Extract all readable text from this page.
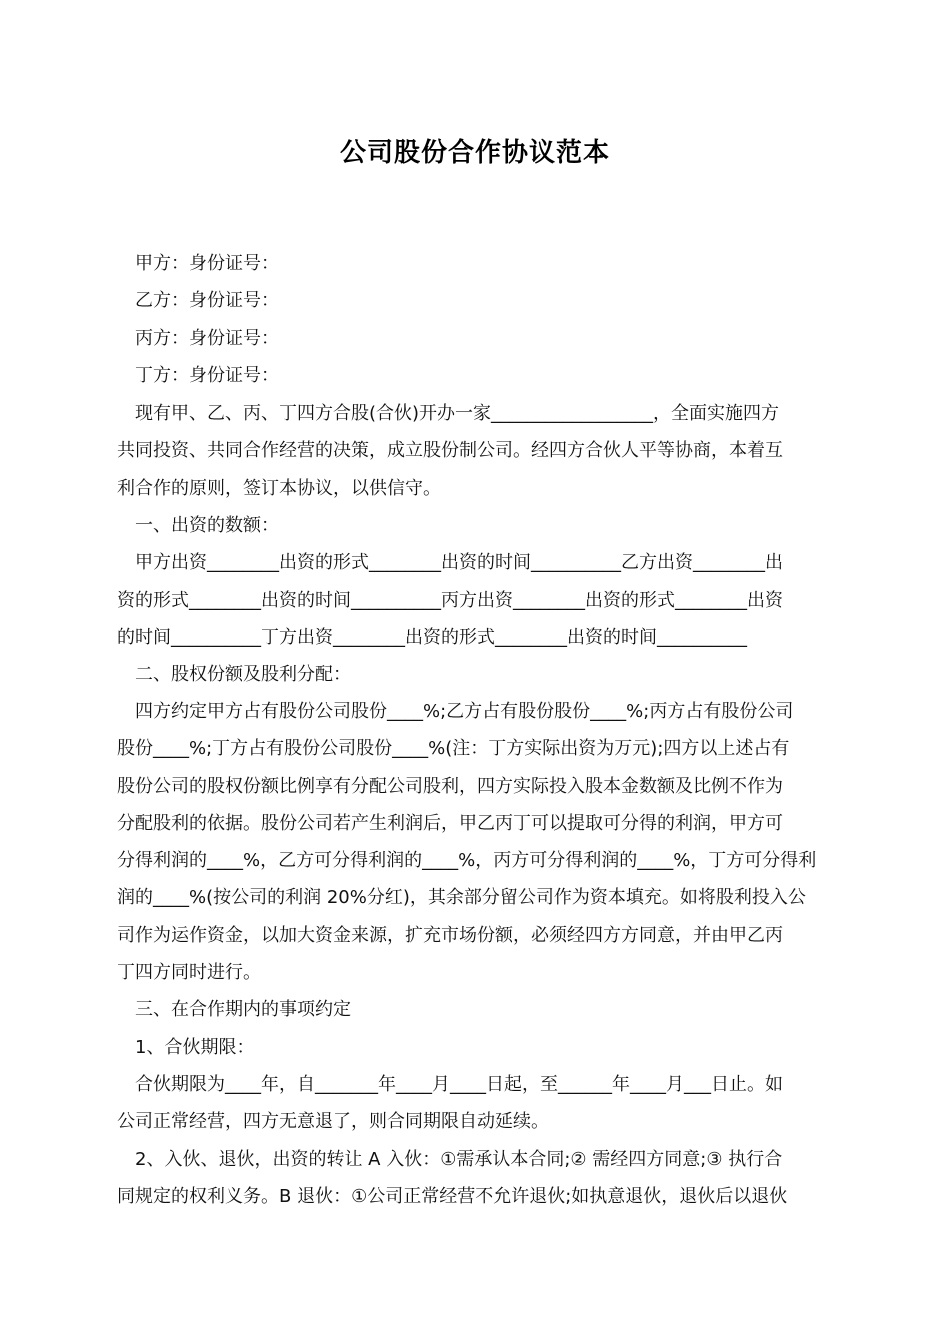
公司股份合作协议范本
甲方：身份证号：
乙方：身份证号：
丙方：身份证号：
丁方：身份证号：
现有甲、乙、丙、丁四方合股(合伙)开办一家__________________，全面实施四方
共同投资、共同合作经营的决策，成立股份制公司。经四方合伙人平等协商，本着互
利合作的原则，签订本协议，以供信守。
一、出资的数额：
甲方出资________出资的形式________出资的时间__________乙方出资________出
资的形式________出资的时间__________丙方出资________出资的形式________出资
的时间__________丁方出资________出资的形式________出资的时间__________
二、股权份额及股利分配：
四方约定甲方占有股份公司股份____%;乙方占有股份股份____%;丙方占有股份公司
股份____%;丁方占有股份公司股份____%(注：丁方实际出资为万元);四方以上述占有
股份公司的股权份额比例享有分配公司股利，四方实际投入股本金数额及比例不作为
分配股利的依据。股份公司若产生利润后，甲乙丙丁可以提取可分得的利润，甲方可
分得利润的____%，乙方可分得利润的____%，丙方可分得利润的____%，丁方可分得利
润的____%(按公司的利润 20%分红)，其余部分留公司作为资本填充。如将股利投入公
司作为运作资金，以加大资金来源，扩充市场份额，必须经四方方同意，并由甲乙丙
丁四方同时进行。
三、在合作期内的事项约定
1、合伙期限：
合伙期限为____年，自_______年____月____日起，至______年____月___日止。如
公司正常经营，四方无意退了，则合同期限自动延续。
2、入伙、退伙，出资的转让 A 入伙：①需承认本合同;② 需经四方同意;③ 执行合
同规定的权利义务。B 退伙：①公司正常经营不允许退伙;如执意退伙，退伙后以退伙
